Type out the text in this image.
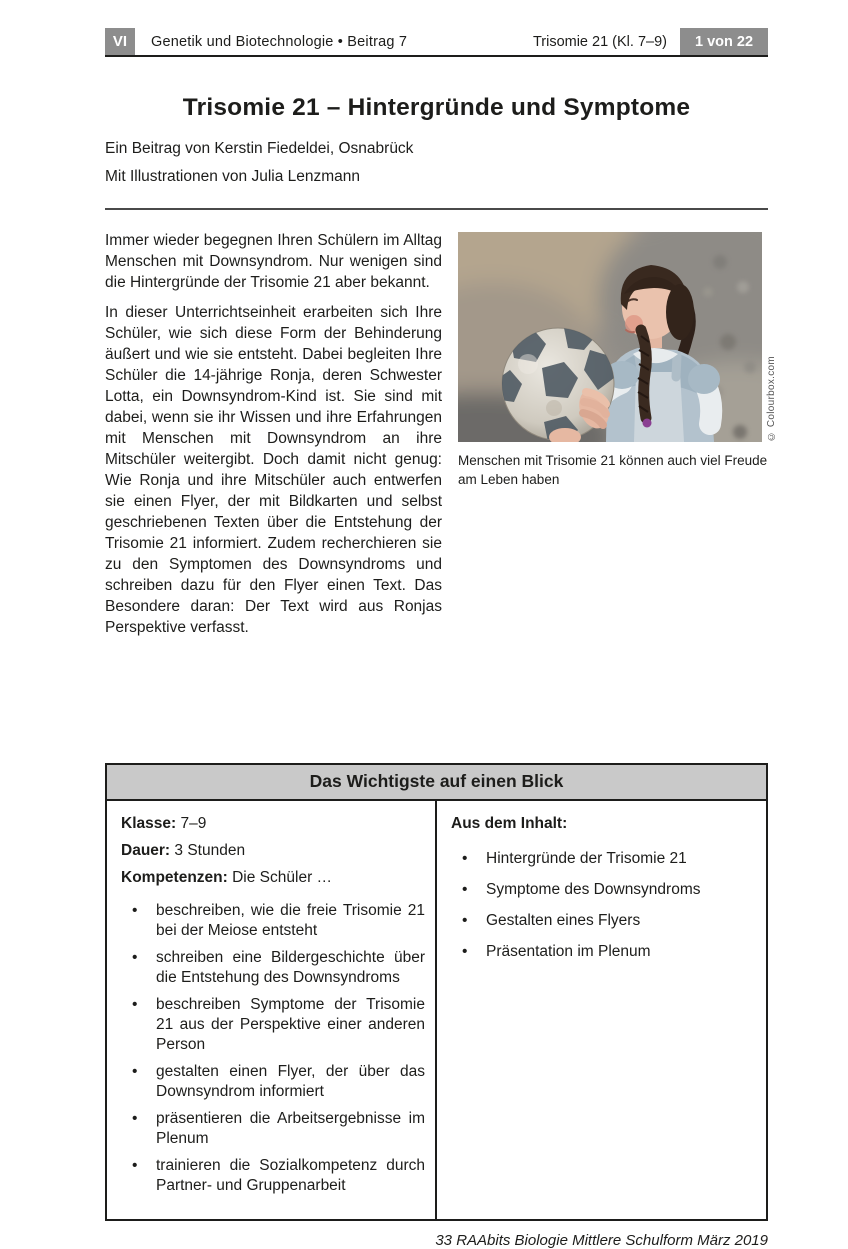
VI	Genetik und Biotechnologie • Beitrag 7	Trisomie 21 (Kl. 7–9)	1 von 22
Trisomie 21 – Hintergründe und Symptome

Ein Beitrag von Kerstin Fiedeldei, Osnabrück

Mit Illustrationen von Julia Lenzmann

Immer wieder begegnen Ihren Schülern im Alltag Menschen mit Downsyndrom. Nur wenigen sind die Hintergründe der Trisomie 21 aber bekannt.

In dieser Unterrichtseinheit erarbeiten sich Ihre Schüler, wie sich diese Form der Behinderung äußert und wie sie entsteht. Dabei begleiten Ihre Schüler die 14-jährige Ronja, deren Schwester Lotta, ein Downsyndrom-Kind ist. Sie sind mit dabei, wenn sie ihr Wissen und ihre Erfahrungen mit Menschen mit Downsyndrom an ihre Mitschüler weitergibt. Doch damit nicht genug: Wie Ronja und ihre Mitschüler auch entwerfen sie einen Flyer, der mit Bildkarten und selbst geschriebenen Texten über die Entstehung der Trisomie 21 informiert. Zudem recherchieren sie zu den Symptomen des Downsyndroms und schreiben dazu für den Flyer einen Text. Das Besondere daran: Der Text wird aus Ronjas Perspektive verfasst.

© Colourbox.com
Menschen mit Trisomie 21 können auch viel Freude am Leben haben
Das Wichtigste auf einen Blick

Klasse: 7–9

Dauer: 3 Stunden

Kompetenzen: Die Schüler …

• beschreiben, wie die freie Trisomie 21 bei der Meiose entsteht
• schreiben eine Bildergeschichte über die Entstehung des Downsyndroms
• beschreiben Symptome der Trisomie 21 aus der Perspektive einer anderen Person
• gestalten einen Flyer, der über das Downsyndrom informiert
• präsentieren die Arbeitsergebnisse im Plenum
• trainieren die Sozialkompetenz durch Partner- und Gruppenarbeit

Aus dem Inhalt:

• Hintergründe der Trisomie 21
• Symptome des Downsyndroms
• Gestalten eines Flyers
• Präsentation im Plenum
33 RAAbits Biologie Mittlere Schulform März 2019
